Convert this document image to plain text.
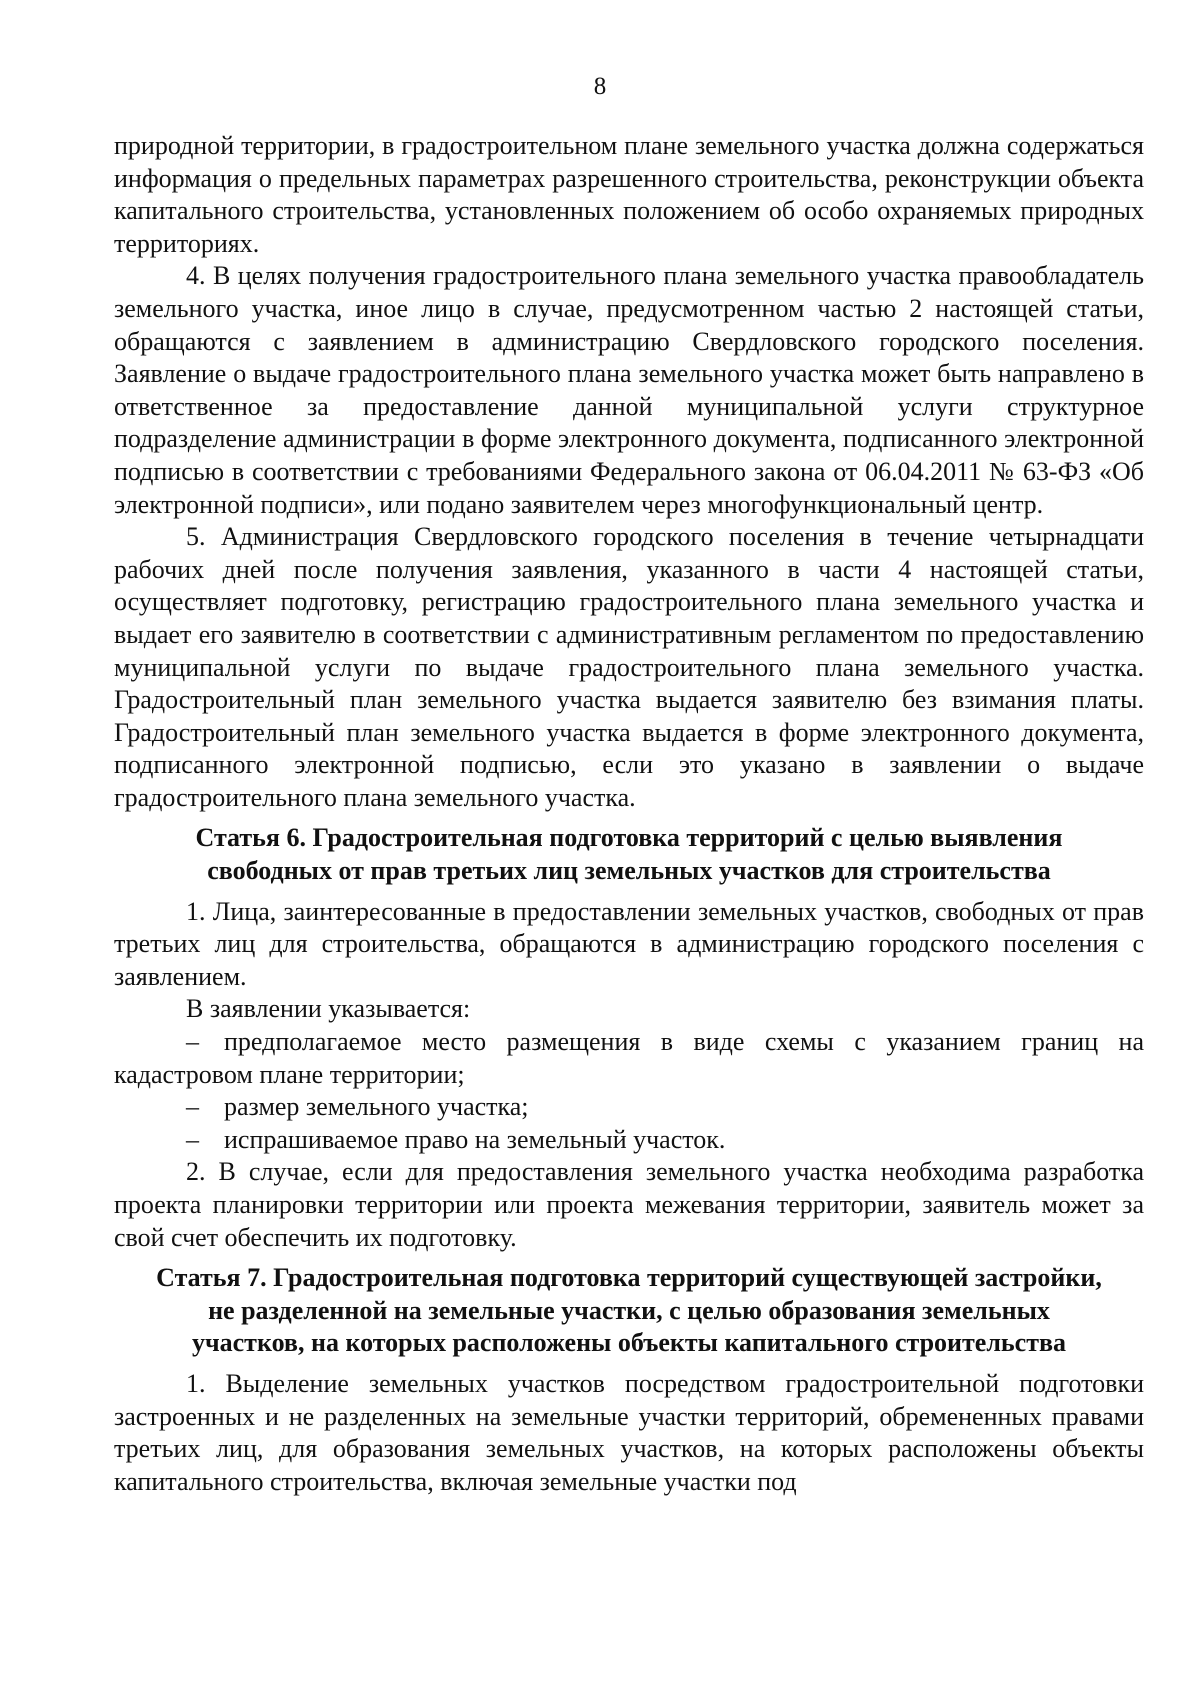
8

природной территории, в градостроительном плане земельного участка должна содержаться информация о предельных параметрах разрешенного строительства, реконструкции объекта капитального строительства, установленных положением об особо охраняемых природных территориях.

4. В целях получения градостроительного плана земельного участка правообладатель земельного участка, иное лицо в случае, предусмотренном частью 2 настоящей статьи, обращаются с заявлением в администрацию Свердловского городского поселения. Заявление о выдаче градостроительного плана земельного участка может быть направлено в ответственное за предоставление данной муниципальной услуги структурное подразделение администрации в форме электронного документа, подписанного электронной подписью в соответствии с требованиями Федерального закона от 06.04.2011 № 63-ФЗ «Об электронной подписи», или подано заявителем через многофункциональный центр.

5. Администрация Свердловского городского поселения в течение четырнадцати рабочих дней после получения заявления, указанного в части 4 настоящей статьи, осуществляет подготовку, регистрацию градостроительного плана земельного участка и выдает его заявителю в соответствии с административным регламентом по предоставлению муниципальной услуги по выдаче градостроительного плана земельного участка. Градостроительный план земельного участка выдается заявителю без взимания платы. Градостроительный план земельного участка выдается в форме электронного документа, подписанного электронной подписью, если это указано в заявлении о выдаче градостроительного плана земельного участка.

Статья 6. Градостроительная подготовка территорий с целью выявления
свободных от прав третьих лиц земельных участков для строительства

1. Лица, заинтересованные в предоставлении земельных участков, свободных от прав третьих лиц для строительства, обращаются в администрацию городского поселения с заявлением.

В заявлении указывается:

– предполагаемое место размещения в виде схемы с указанием границ на кадастровом плане территории;

– размер земельного участка;

– испрашиваемое право на земельный участок.

2. В случае, если для предоставления земельного участка необходима разработка проекта планировки территории или проекта межевания территории, заявитель может за свой счет обеспечить их подготовку.

Статья 7. Градостроительная подготовка территорий существующей застройки,
не разделенной на земельные участки, с целью образования земельных
участков, на которых расположены объекты капитального строительства

1. Выделение земельных участков посредством градостроительной подготовки застроенных и не разделенных на земельные участки территорий, обремененных правами третьих лиц, для образования земельных участков, на которых расположены объекты капитального строительства, включая земельные участки под
